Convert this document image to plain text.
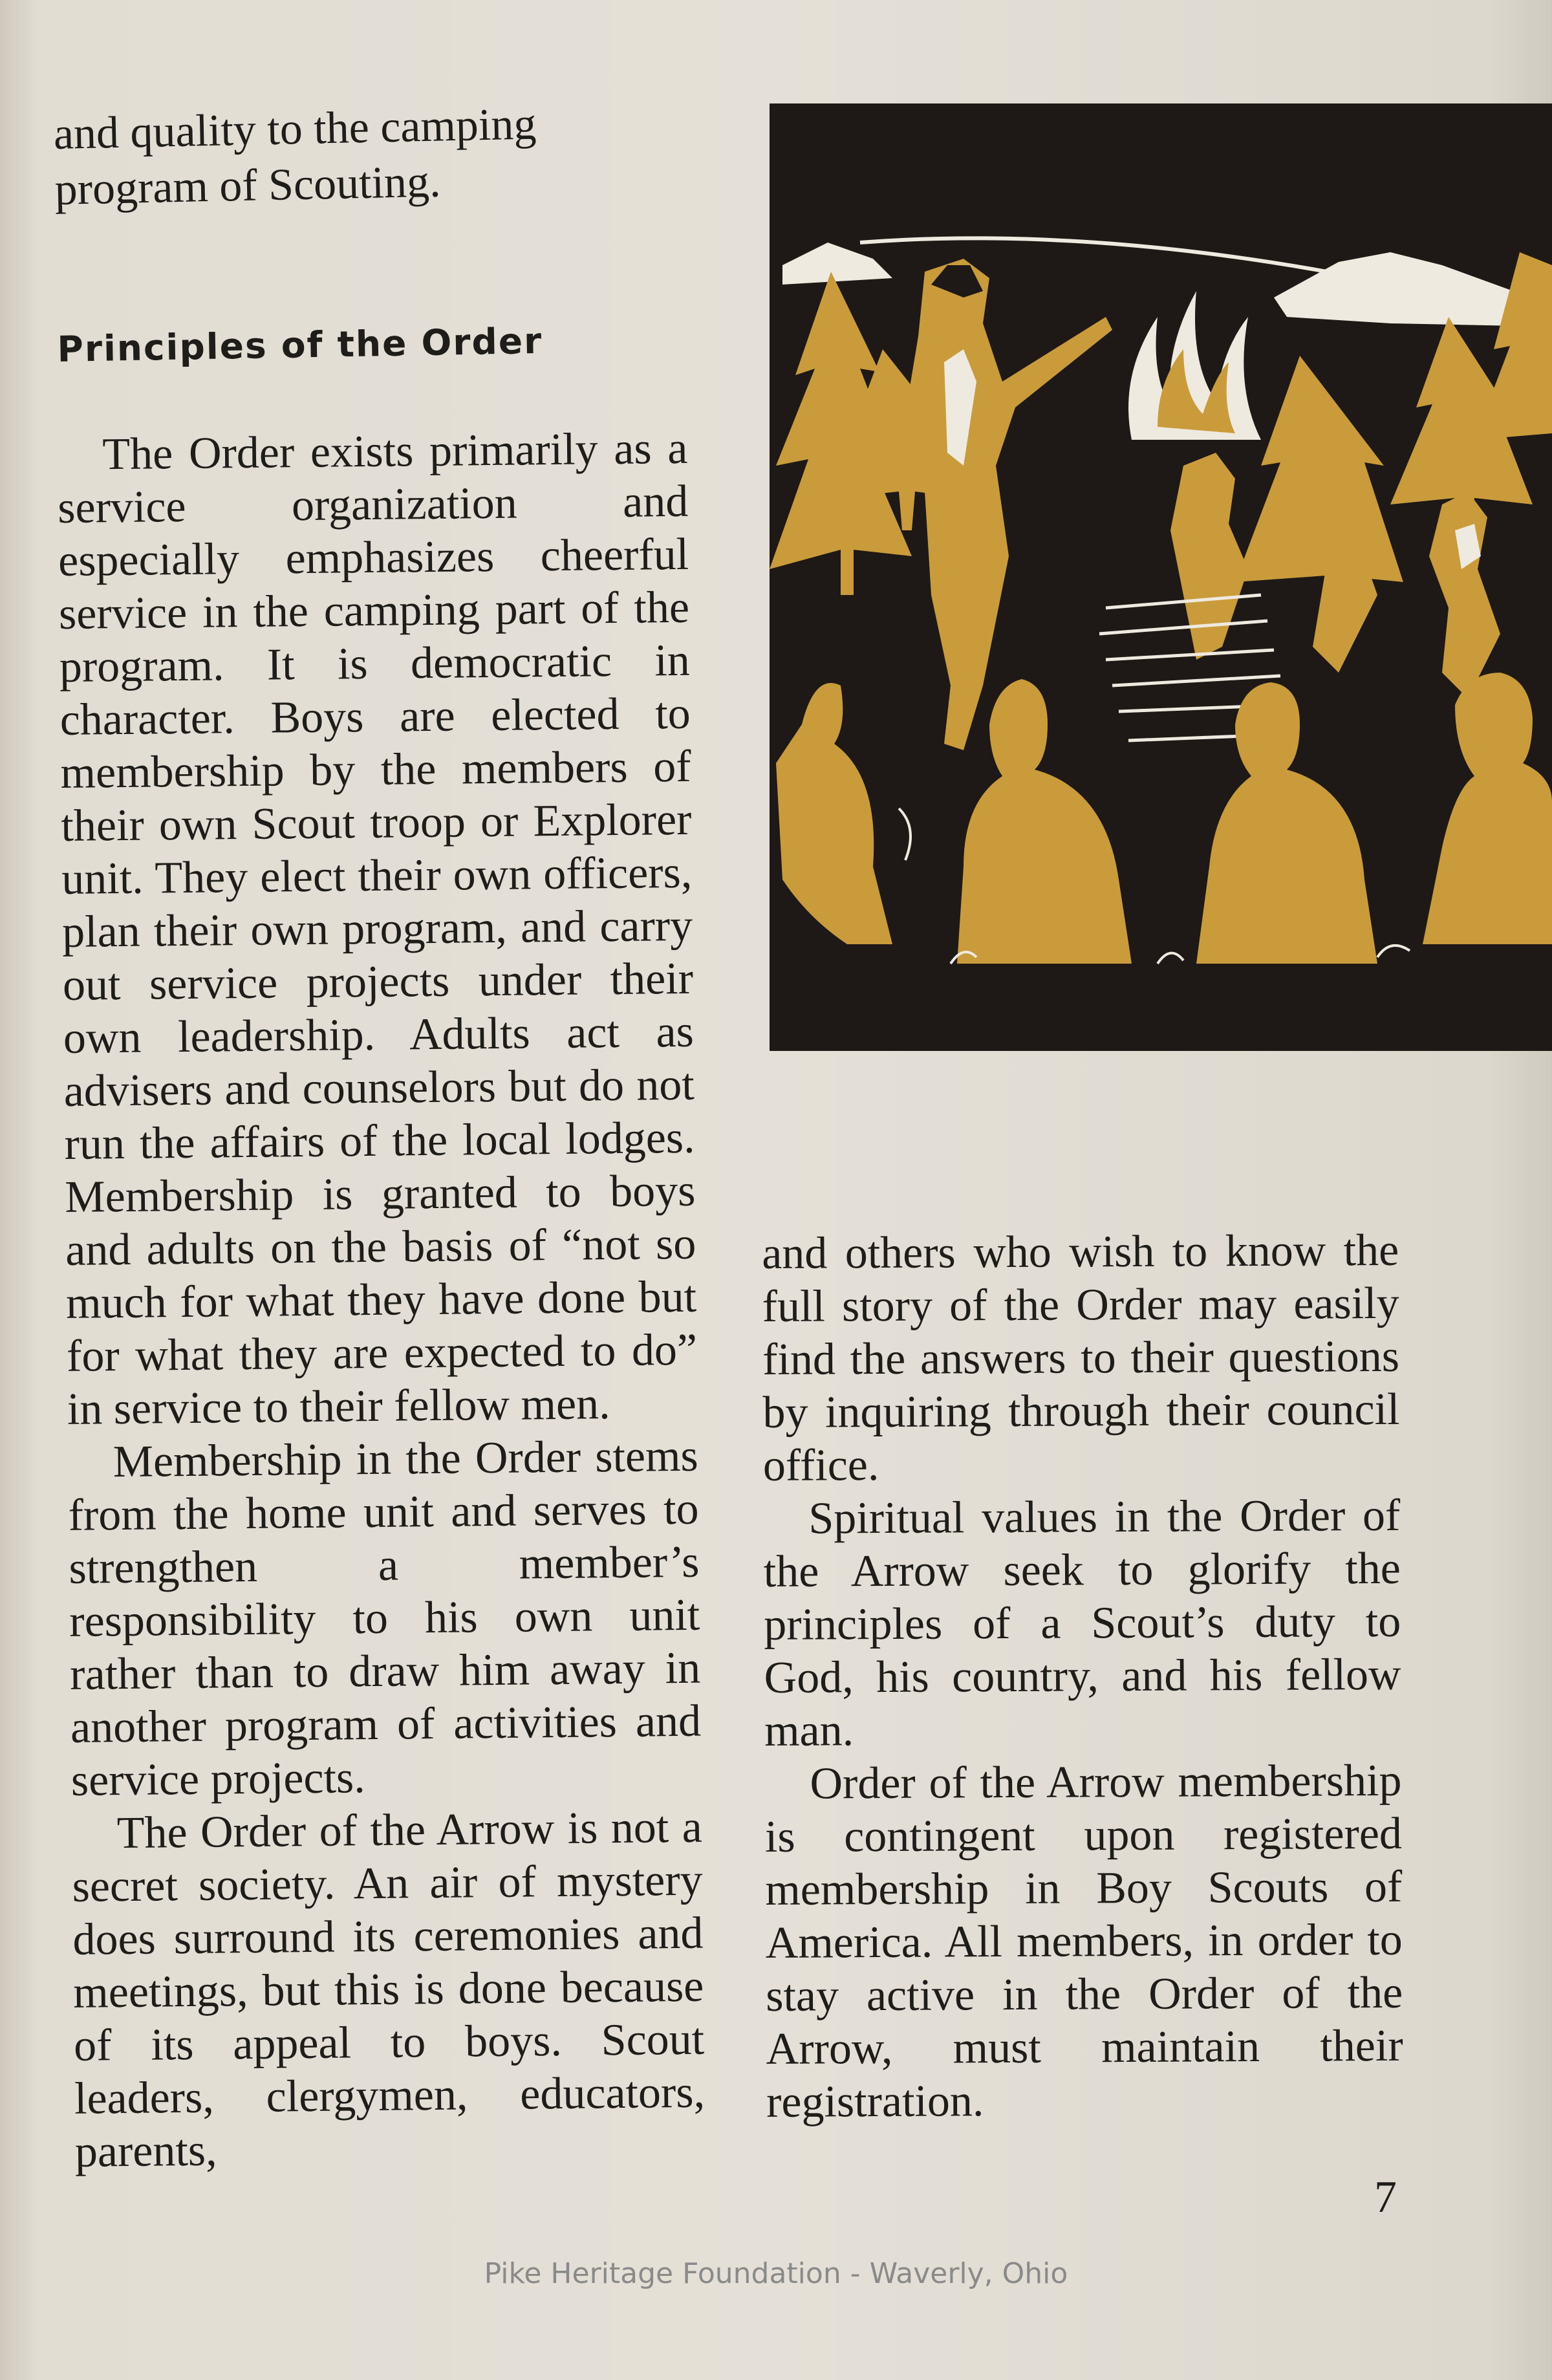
and quality to the camping program of Scouting.
Principles of the Order

The Order exists primarily as a service organization and especially emphasizes cheerful service in the camping part of the program. It is democratic in character. Boys are elected to membership by the members of their own Scout troop or Explorer unit. They elect their own officers, plan their own program, and carry out service projects under their own leadership. Adults act as advisers and counselors but do not run the affairs of the local lodges. Membership is granted to boys and adults on the basis of “not so much for what they have done but for what they are expected to do” in service to their fellow men.

Membership in the Order stems from the home unit and serves to strengthen a member’s responsibility to his own unit rather than to draw him away in another program of activities and service projects.

The Order of the Arrow is not a secret society. An air of mystery does surround its ceremonies and meetings, but this is done because of its appeal to boys. Scout leaders, clergymen, educators, parents,

and others who wish to know the full story of the Order may easily find the answers to their questions by inquiring through their council office.

Spiritual values in the Order of the Arrow seek to glorify the principles of a Scout’s duty to God, his country, and his fellow man.

Order of the Arrow membership is contingent upon registered membership in Boy Scouts of America. All members, in order to stay active in the Order of the Arrow, must maintain their registration.

7
Pike Heritage Foundation - Waverly, Ohio
